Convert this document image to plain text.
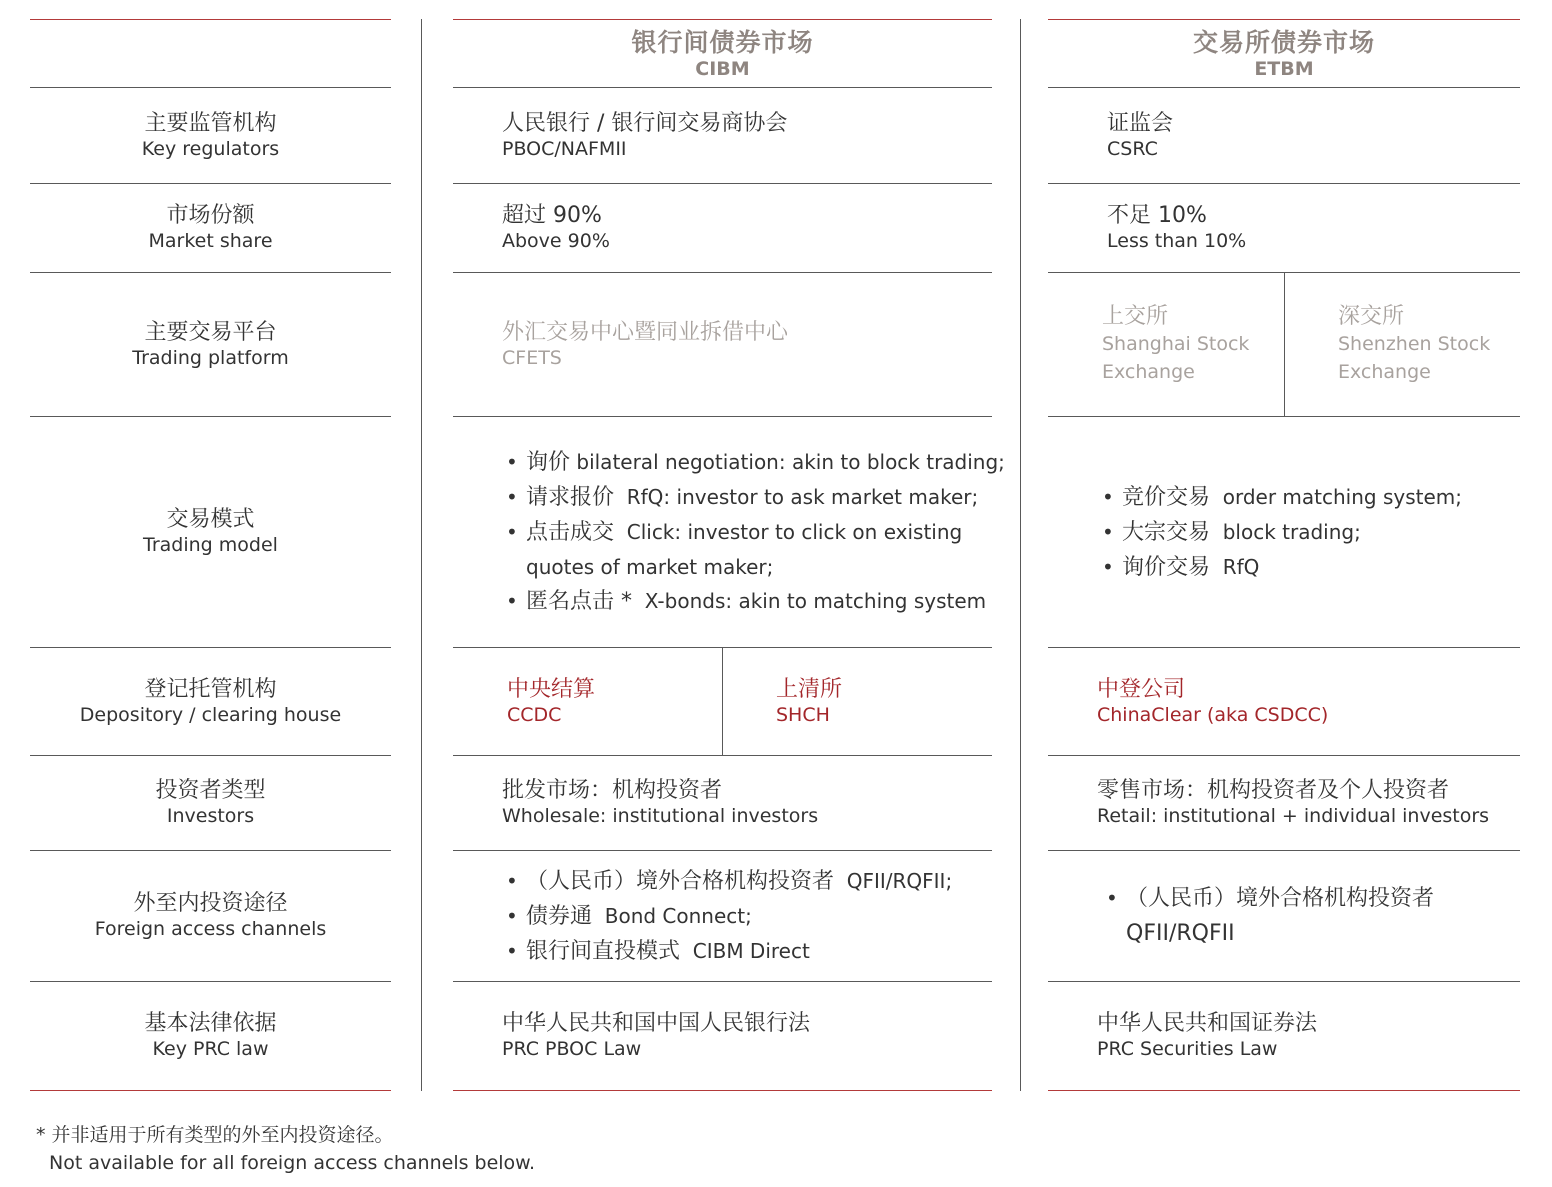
银行间债券市场
CIBM
交易所债券市场
ETBM
主要监管机构
Key regulators
人民银行 / 银行间交易商协会
PBOC/NAFMII
证监会
CSRC
市场份额
Market share
超过 90%
Above 90%
不足 10%
Less than 10%
主要交易平台
Trading platform
外汇交易中心暨同业拆借中心
CFETS
上交所
Shanghai Stock
Exchange
深交所
Shenzhen Stock
Exchange
交易模式
Trading model
• 询价 bilateral negotiation: akin to block trading;
• 请求报价 RfQ: investor to ask market maker;
• 点击成交 Click: investor to click on existing
quotes of market maker;
• 匿名点击 * X-bonds: akin to matching system
• 竞价交易 order matching system;
• 大宗交易 block trading;
• 询价交易 RfQ
登记托管机构
Depository / clearing house
中央结算
CCDC
上清所
SHCH
中登公司
ChinaClear (aka CSDCC)
投资者类型
Investors
批发市场：机构投资者
Wholesale: institutional investors
零售市场：机构投资者及个人投资者
Retail: institutional + individual investors
外至内投资途径
Foreign access channels
• （人民币）境外合格机构投资者 QFII/RQFII;
• 债券通 Bond Connect;
• 银行间直投模式 CIBM Direct
• （人民币）境外合格机构投资者
QFII/RQFII
基本法律依据
Key PRC law
中华人民共和国中国人民银行法
PRC PBOC Law
中华人民共和国证券法
PRC Securities Law
* 并非适用于所有类型的外至内投资途径。
Not available for all foreign access channels below.
